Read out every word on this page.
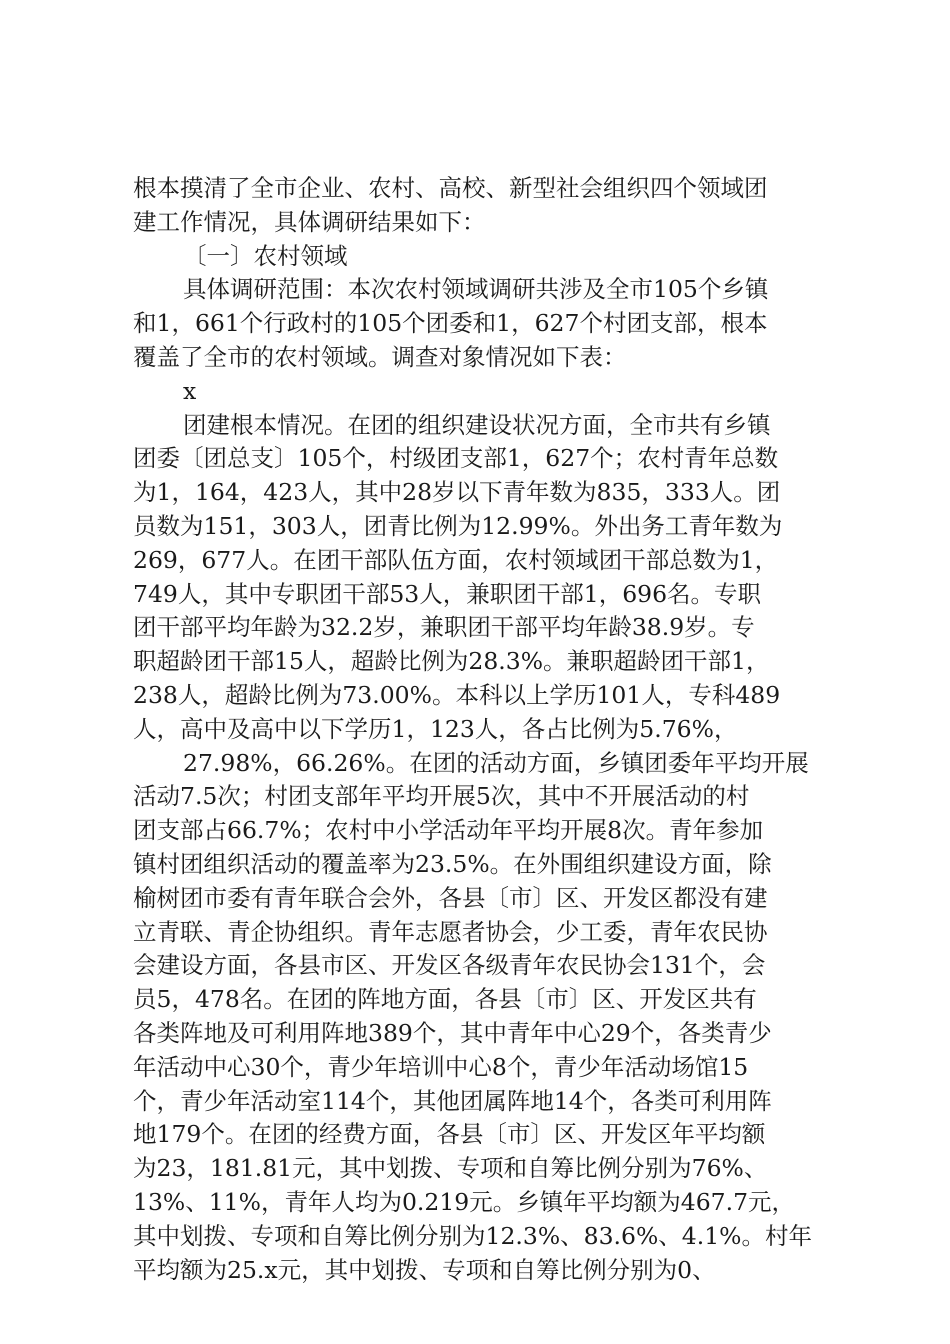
根本摸清了全市企业、农村、高校、新型社会组织四个领域团
建工作情况，具体调研结果如下：
〔一〕农村领域
具体调研范围：本次农村领域调研共涉及全市105个乡镇
和1，661个行政村的105个团委和1，627个村团支部，根本
覆盖了全市的农村领域。调查对象情况如下表：
x
团建根本情况。在团的组织建设状况方面，全市共有乡镇
团委〔团总支〕105个，村级团支部1，627个；农村青年总数
为1，164，423人，其中28岁以下青年数为835，333人。团
员数为151，303人，团青比例为12.99%。外出务工青年数为
269，677人。在团干部队伍方面，农村领域团干部总数为1，
749人，其中专职团干部53人，兼职团干部1，696名。专职
团干部平均年龄为32.2岁，兼职团干部平均年龄38.9岁。专
职超龄团干部15人，超龄比例为28.3%。兼职超龄团干部1，
238人，超龄比例为73.00%。本科以上学历101人，专科489
人，高中及高中以下学历1，123人，各占比例为5.76%，
27.98%，66.26%。在团的活动方面，乡镇团委年平均开展
活动7.5次；村团支部年平均开展5次，其中不开展活动的村
团支部占66.7%；农村中小学活动年平均开展8次。青年参加
镇村团组织活动的覆盖率为23.5%。在外围组织建设方面，除
榆树团市委有青年联合会外，各县〔市〕区、开发区都没有建
立青联、青企协组织。青年志愿者协会，少工委，青年农民协
会建设方面，各县市区、开发区各级青年农民协会131个，会
员5，478名。在团的阵地方面，各县〔市〕区、开发区共有
各类阵地及可利用阵地389个，其中青年中心29个，各类青少
年活动中心30个，青少年培训中心8个，青少年活动场馆15
个，青少年活动室114个，其他团属阵地14个，各类可利用阵
地179个。在团的经费方面，各县〔市〕区、开发区年平均额
为23，181.81元，其中划拨、专项和自筹比例分别为76%、
13%、11%，青年人均为0.219元。乡镇年平均额为467.7元，
其中划拨、专项和自筹比例分别为12.3%、83.6%、4.1%。村年
平均额为25.x元，其中划拨、专项和自筹比例分别为0、
